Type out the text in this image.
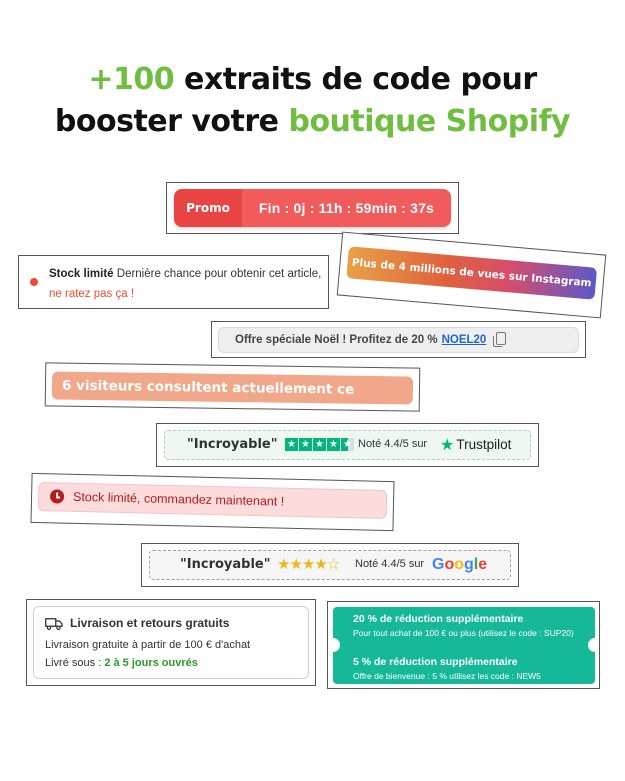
+100 extraits de code pour
booster votre boutique Shopify
Promo	Fin : 0j : 11h : 59min : 37s
Stock limité Dernière chance pour obtenir cet article, ne ratez pas ça !
Plus de 4 millions de vues sur Instagram
Offre spéciale Noël ! Profitez de 20 % NOEL20
6 visiteurs consultent actuellement ce produit
"Incroyable" ★ ★ ★ ★ ★ Noté 4.4/5 sur ★ Trustpilot
Stock limité, commandez maintenant !
"Incroyable" ★★★★☆ Noté 4.4/5 sur Google
Livraison et retours gratuits
Livraison gratuite à partir de 100 € d'achat
Livré sous : 2 à 5 jours ouvrés
20 % de réduction supplémentaire
Pour tout achat de 100 € ou plus (utilisez le code : SUP20)
5 % de réduction supplémentaire
Offre de bienvenue : 5 % utilisez les code : NEW5
